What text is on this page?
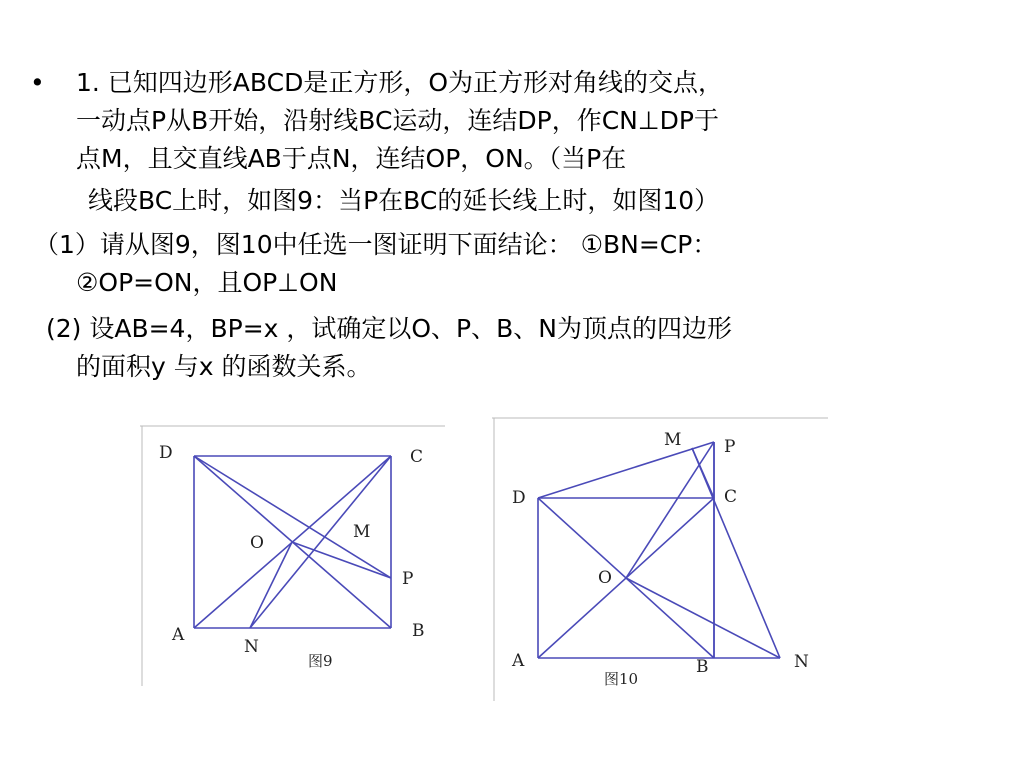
• 1. 已知四边形ABCD是正方形，O为正方形对角线的交点，
一动点P从B开始，沿射线BC运动，连结DP，作CN⊥DP于
点M，且交直线AB于点N，连结OP，ON。（当P在
线段BC上时，如图9：当P在BC的延长线上时，如图10）
（1）请从图9，图10中任选一图证明下面结论： ①BN=CP：
②OP=ON，且OP⊥ON
(2) 设AB=4，BP=x ，试确定以O、P、B、N为顶点的四边形
的面积y 与x 的函数关系。
D	C
O
M
P
A	B
N
图9
M	P
D	C
O
A	B	N
图10
